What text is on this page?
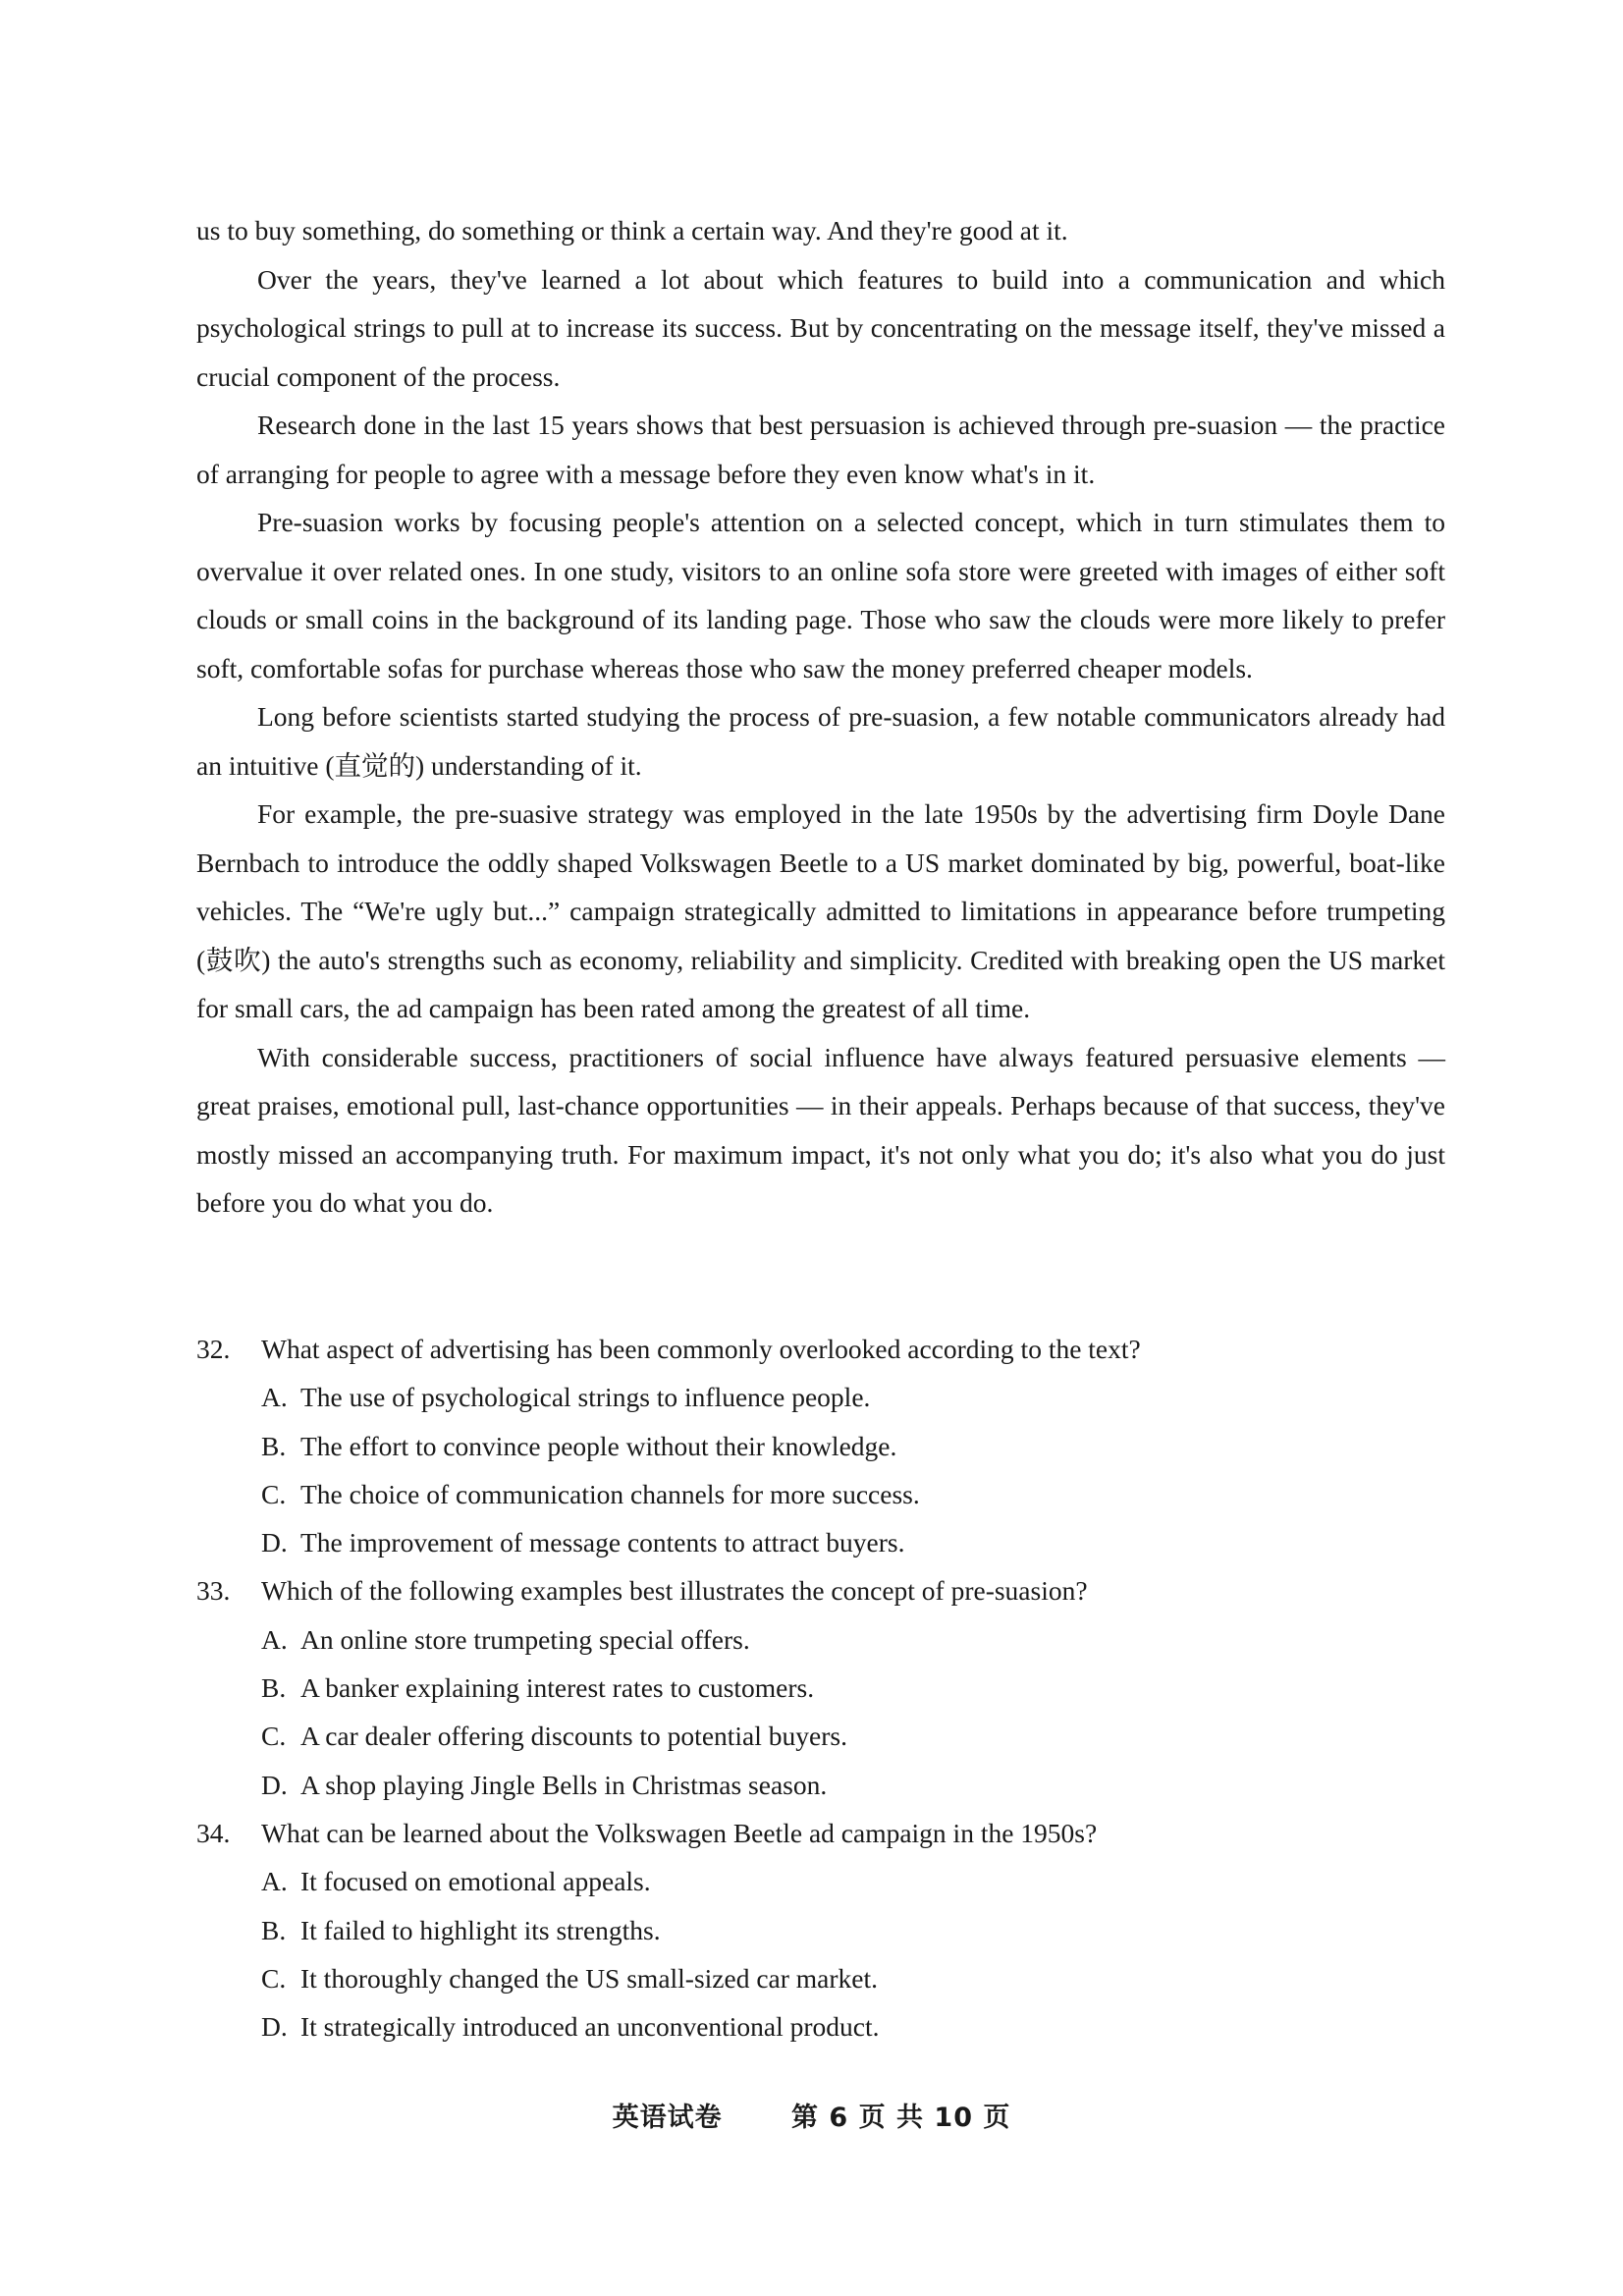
us to buy something, do something or think a certain way. And they're good at it.

Over the years, they've learned a lot about which features to build into a communication and which psychological strings to pull at to increase its success. But by concentrating on the message itself, they've missed a crucial component of the process.

Research done in the last 15 years shows that best persuasion is achieved through pre-suasion — the practice of arranging for people to agree with a message before they even know what's in it.

Pre-suasion works by focusing people's attention on a selected concept, which in turn stimulates them to overvalue it over related ones. In one study, visitors to an online sofa store were greeted with images of either soft clouds or small coins in the background of its landing page. Those who saw the clouds were more likely to prefer soft, comfortable sofas for purchase whereas those who saw the money preferred cheaper models.

Long before scientists started studying the process of pre-suasion, a few notable communicators already had an intuitive (直觉的) understanding of it.

For example, the pre-suasive strategy was employed in the late 1950s by the advertising firm Doyle Dane Bernbach to introduce the oddly shaped Volkswagen Beetle to a US market dominated by big, powerful, boat-like vehicles. The “We're ugly but...” campaign strategically admitted to limitations in appearance before trumpeting (鼓吹) the auto's strengths such as economy, reliability and simplicity. Credited with breaking open the US market for small cars, the ad campaign has been rated among the greatest of all time.

With considerable success, practitioners of social influence have always featured persuasive elements — great praises, emotional pull, last-chance opportunities — in their appeals. Perhaps because of that success, they've mostly missed an accompanying truth. For maximum impact, it's not only what you do; it's also what you do just before you do what you do.

32.	What aspect of advertising has been commonly overlooked according to the text?
A. The use of psychological strings to influence people.
B. The effort to convince people without their knowledge.
C. The choice of communication channels for more success.
D. The improvement of message contents to attract buyers.
33.	Which of the following examples best illustrates the concept of pre-suasion?
A. An online store trumpeting special offers.
B. A banker explaining interest rates to customers.
C. A car dealer offering discounts to potential buyers.
D. A shop playing Jingle Bells in Christmas season.
34.	What can be learned about the Volkswagen Beetle ad campaign in the 1950s?
A. It focused on emotional appeals.
B. It failed to highlight its strengths.
C. It thoroughly changed the US small-sized car market.
D. It strategically introduced an unconventional product.
英语试卷	第 6 页 共 10 页
